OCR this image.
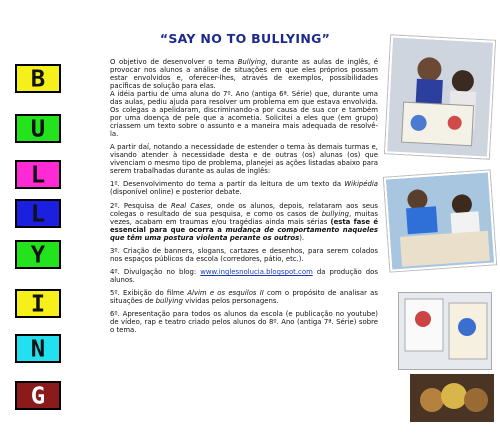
“SAY NO TO BULLYING”
B
U
L
L
Y
I
N
G

O objetivo de desenvolver o tema Bullying, durante as aulas de inglês, é provocar nos alunos a análise de situações em que eles próprios possam estar envolvidos e, oferecer-lhes, através de exemplos, possibilidades pacíficas de solução para elas.
A idéia partiu de uma aluna do 7º. Ano (antiga 6ª. Série) que, durante uma das aulas, pediu ajuda para resolver um problema em que estava envolvida. Os colegas a apelidaram, discriminando-a por causa de sua cor e também por uma doença de pele que a acometia. Solicitei a eles que (em grupo) criassem um texto sobre o assunto e a maneira mais adequada de resolvê-la.

A partir daí, notando a necessidade de estender o tema às demais turmas e, visando atender à necessidade desta e de outras (os) alunas (os) que vivenciam o mesmo tipo de problema, planejei as ações listadas abaixo para serem trabalhadas durante as aulas de inglês:

1º. Desenvolvimento do tema a partir da leitura de um texto da Wikipédia (disponível online) e posterior debate.

2º. Pesquisa de Real Cases, onde os alunos, depois, relataram aos seus colegas o resultado de sua pesquisa, e como os casos de bullying, muitas vezes, acabam em traumas e/ou tragédias ainda mais sérias (esta fase é essencial para que ocorra a mudança de comportamento naqueles que têm uma postura violenta perante os outros).

3º. Criação de banners, slogans, cartazes e desenhos, para serem colados nos espaços públicos da escola (corredores, pátio, etc.).

4º. Divulgação no blog: www.inglesnolucia.blogspot.com da produção dos alunos.

5º. Exibição do filme Alvim e os esquilos II com o propósito de analisar as situações de bullying vividas pelos personagens.

6º. Apresentação para todos os alunos da escola (e publicação no youtube) de vídeo, rap e teatro criado pelos alunos do 8º. Ano (antiga 7ª. Série) sobre o tema.
